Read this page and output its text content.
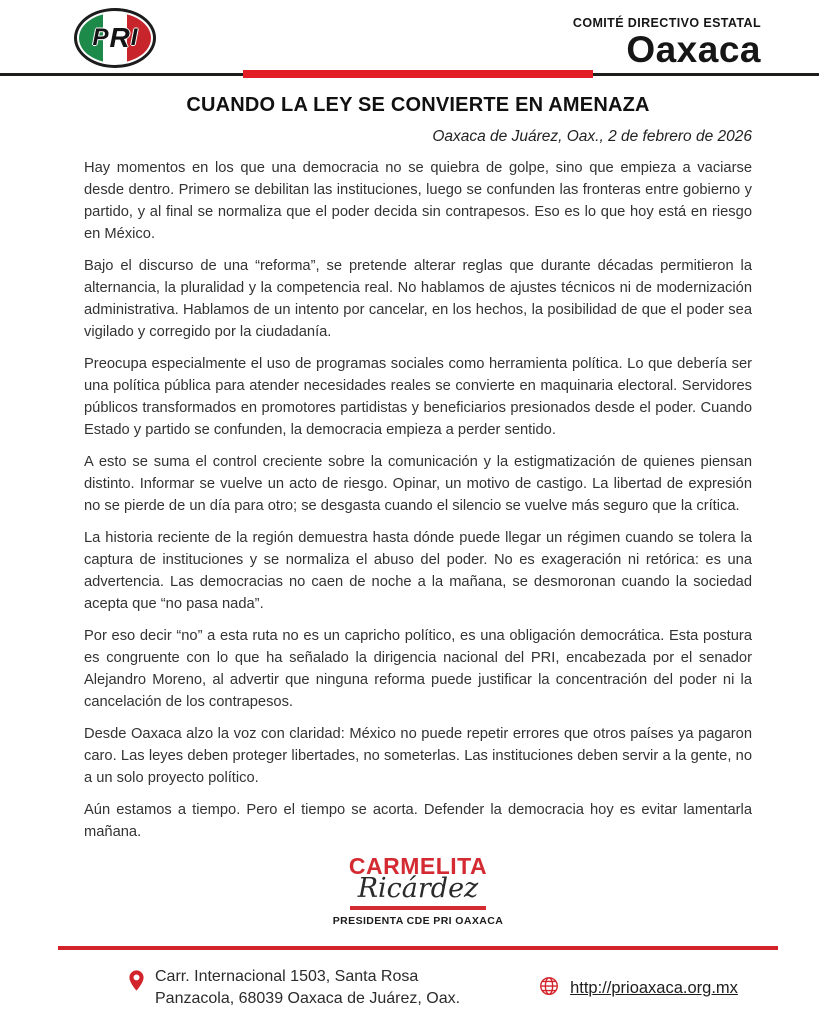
P R I
COMITÉ DIRECTIVO ESTATAL
Oaxaca
CUANDO LA LEY SE CONVIERTE EN AMENAZA
Oaxaca de Juárez, Oax., 2 de febrero de 2026

Hay momentos en los que una democracia no se quiebra de golpe, sino que empieza a vaciarse desde dentro. Primero se debilitan las instituciones, luego se confunden las fronteras entre gobierno y partido, y al final se normaliza que el poder decida sin contrapesos. Eso es lo que hoy está en riesgo en México.

Bajo el discurso de una “reforma”, se pretende alterar reglas que durante décadas permitieron la alternancia, la pluralidad y la competencia real. No hablamos de ajustes técnicos ni de modernización administrativa. Hablamos de un intento por cancelar, en los hechos, la posibilidad de que el poder sea vigilado y corregido por la ciudadanía.

Preocupa especialmente el uso de programas sociales como herramienta política. Lo que debería ser una política pública para atender necesidades reales se convierte en maquinaria electoral. Servidores públicos transformados en promotores partidistas y beneficiarios presionados desde el poder. Cuando Estado y partido se confunden, la democracia empieza a perder sentido.

A esto se suma el control creciente sobre la comunicación y la estigmatización de quienes piensan distinto. Informar se vuelve un acto de riesgo. Opinar, un motivo de castigo. La libertad de expresión no se pierde de un día para otro; se desgasta cuando el silencio se vuelve más seguro que la crítica.

La historia reciente de la región demuestra hasta dónde puede llegar un régimen cuando se tolera la captura de instituciones y se normaliza el abuso del poder. No es exageración ni retórica: es una advertencia. Las democracias no caen de noche a la mañana, se desmoronan cuando la sociedad acepta que “no pasa nada”.

Por eso decir “no” a esta ruta no es un capricho político, es una obligación democrática. Esta postura es congruente con lo que ha señalado la dirigencia nacional del PRI, encabezada por el senador Alejandro Moreno, al advertir que ninguna reforma puede justificar la concentración del poder ni la cancelación de los contrapesos.

Desde Oaxaca alzo la voz con claridad: México no puede repetir errores que otros países ya pagaron caro. Las leyes deben proteger libertades, no someterlas. Las instituciones deben servir a la gente, no a un solo proyecto político.

Aún estamos a tiempo. Pero el tiempo se acorta. Defender la democracia hoy es evitar lamentarla mañana.

CARMELITA
Ricárdez
PRESIDENTA CDE PRI OAXACA
Carr. Internacional 1503, Santa Rosa
Panzacola, 68039 Oaxaca de Juárez, Oax.
http://prioaxaca.org.mx
